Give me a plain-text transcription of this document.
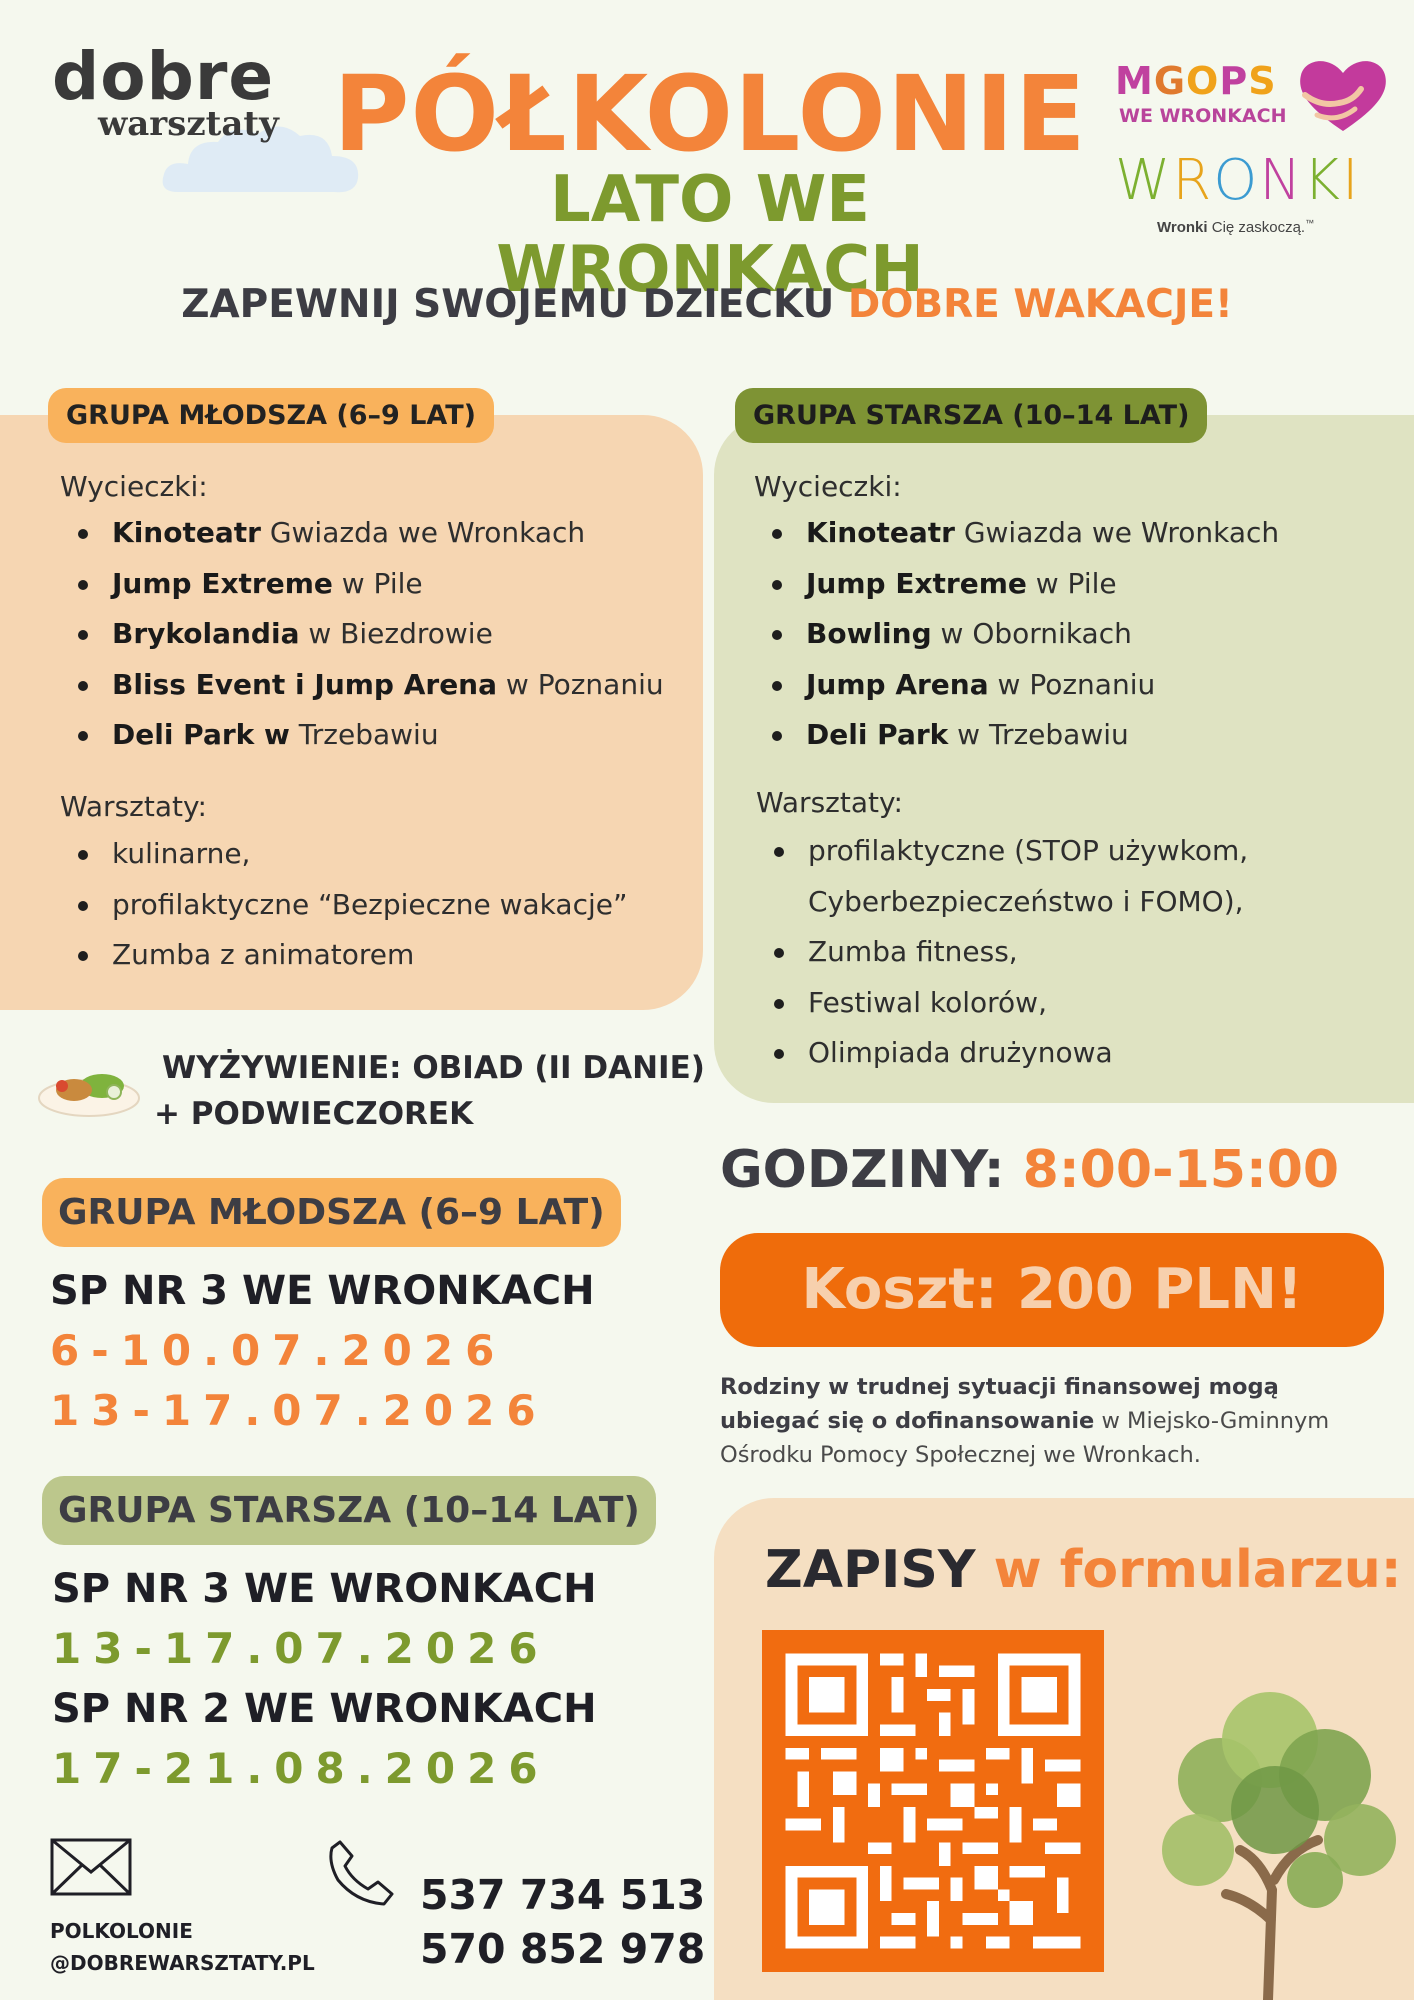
dobre
warsztaty PÓŁKOLONIE
LATO WE WRONKACH
MGOPS
WE WRONKACH
WRONKI
Wronki Cię zaskoczą.™
ZAPEWNIJ SWOJEMU DZIECKU DOBRE WAKACJE!
GRUPA MŁODSZA (6–9 LAT)
Wycieczki:
Kinoteatr Gwiazda we Wronkach
Jump Extreme w Pile
Brykolandia w Biezdrowie
Bliss Event i Jump Arena w Poznaniu
Deli Park w Trzebawiu
Warsztaty:
kulinarne,
profilaktyczne “Bezpieczne wakacje”
Zumba z animatorem
GRUPA STARSZA (10–14 LAT)
Wycieczki:
Kinoteatr Gwiazda we Wronkach
Jump Extreme w Pile
Bowling w Obornikach
Jump Arena w Poznaniu
Deli Park w Trzebawiu
Warsztaty:
profilaktyczne (STOP używkom,
Cyberbezpieczeństwo i FOMO),
Zumba fitness,
Festiwal kolorów,
Olimpiada drużynowa
WYŻYWIENIE: OBIAD (II DANIE)
+ PODWIECZOREK
GRUPA MŁODSZA (6–9 LAT)
SP NR 3 WE WRONKACH
6-10.07.2026
13-17.07.2026
GRUPA STARSZA (10–14 LAT)
SP NR 3 WE WRONKACH
13-17.07.2026
SP NR 2 WE WRONKACH
17-21.08.2026
GODZINY: 8:00-15:00
Koszt: 200 PLN!
Rodziny w trudnej sytuacji finansowej mogą ubiegać się o dofinansowanie w Miejsko-Gminnym Ośrodku Pomocy Społecznej we Wronkach.
ZAPISY w formularzu:
POLKOLONIE
@DOBREWARSZTATY.PL
537 734 513
570 852 978
